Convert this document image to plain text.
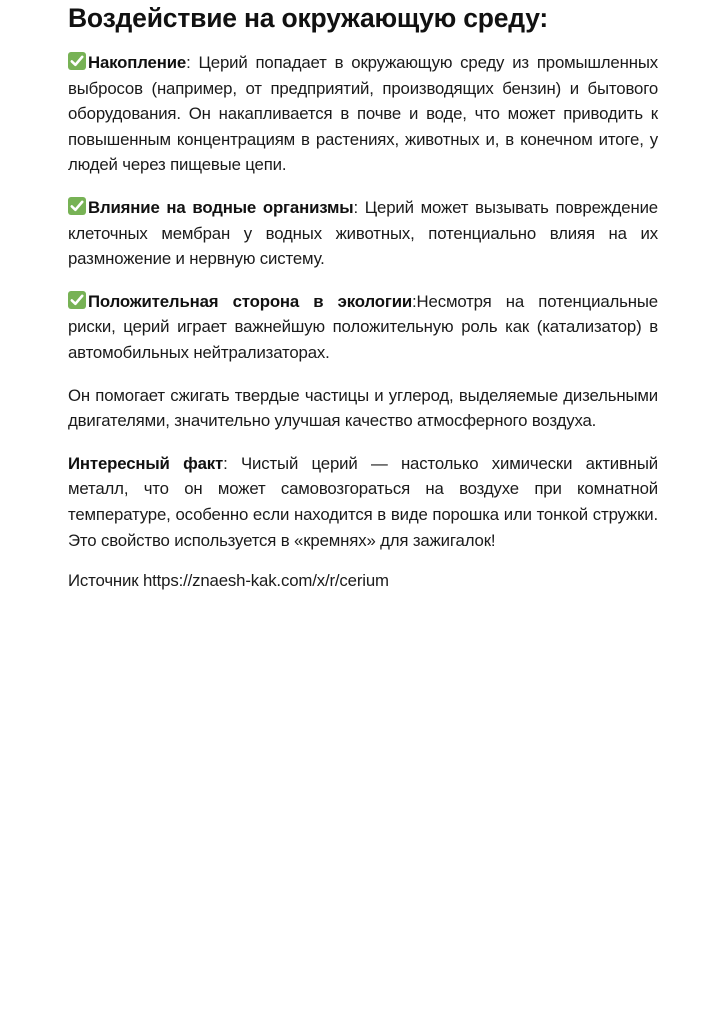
Воздействие на окружающую среду:

Накопление: Церий попадает в окружающую среду из промышленных выбросов (например, от предприятий, производящих бензин) и бытового оборудования. Он накапливается в почве и воде, что может приводить к повышенным концентрациям в растениях, животных и, в конечном итоге, у людей через пищевые цепи.

Влияние на водные организмы: Церий может вызывать повреждение клеточных мембран у водных животных, потенциально влияя на их размножение и нервную систему.

Положительная сторона в экологии:Несмотря на потенциальные риски, церий играет важнейшую положительную роль как (катализатор) в автомобильных нейтрализаторах.

Он помогает сжигать твердые частицы и углерод, выделяемые дизельными двигателями, значительно улучшая качество атмосферного воздуха.

Интересный факт: Чистый церий — настолько химически активный металл, что он может самовозгораться на воздухе при комнатной температуре, особенно если находится в виде порошка или тонкой стружки. Это свойство используется в «кремнях» для зажигалок!

Источник https://znaesh-kak.com/x/r/cerium
